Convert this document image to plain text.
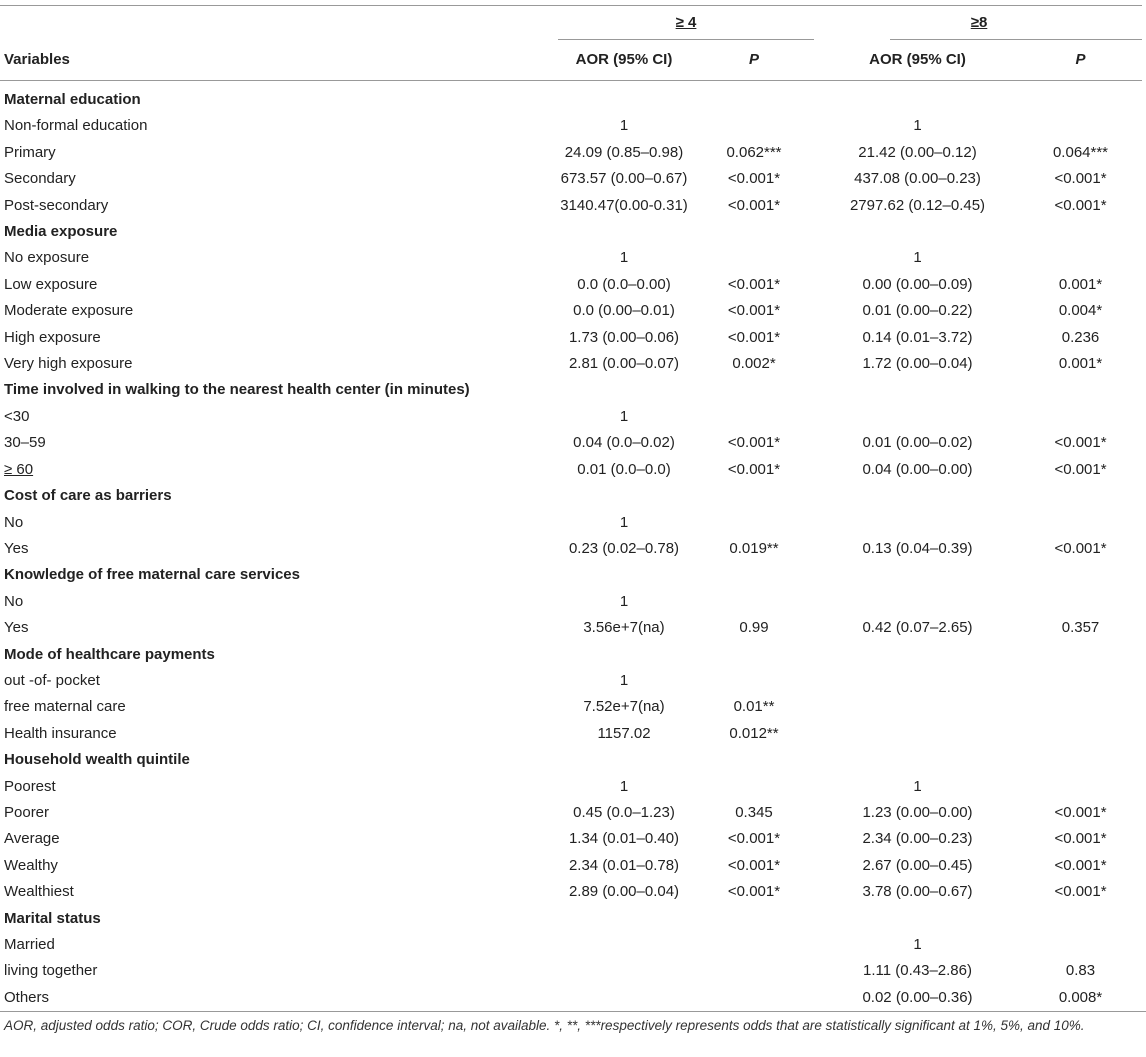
	≥ 4		≥8	

Variables	AOR (95% CI)	P	AOR (95% CI)	P
Maternal education				
Non-formal education	1		1	
Primary	24.09 (0.85–0.98)	0.062***	21.42 (0.00–0.12)	0.064***
Secondary	673.57 (0.00–0.67)	<0.001*	437.08 (0.00–0.23)	<0.001*
Post-secondary	3140.47(0.00-0.31)	<0.001*	2797.62 (0.12–0.45)	<0.001*
Media exposure				
No exposure	1		1	
Low exposure	0.0 (0.0–0.00)	<0.001*	0.00 (0.00–0.09)	0.001*
Moderate exposure	0.0 (0.00–0.01)	<0.001*	0.01 (0.00–0.22)	0.004*
High exposure	1.73 (0.00–0.06)	<0.001*	0.14 (0.01–3.72)	0.236
Very high exposure	2.81 (0.00–0.07)	0.002*	1.72 (0.00–0.04)	0.001*
Time involved in walking to the nearest health center (in minutes)				
<30	1			
30–59	0.04 (0.0–0.02)	<0.001*	0.01 (0.00–0.02)	<0.001*
≥ 60	0.01 (0.0–0.0)	<0.001*	0.04 (0.00–0.00)	<0.001*
Cost of care as barriers				
No	1			
Yes	0.23 (0.02–0.78)	0.019**	0.13 (0.04–0.39)	<0.001*
Knowledge of free maternal care services				
No	1			
Yes	3.56e+7(na)	0.99	0.42 (0.07–2.65)	0.357
Mode of healthcare payments				
out -of- pocket	1			
free maternal care	7.52e+7(na)	0.01**		
Health insurance	1157.02	0.012**		
Household wealth quintile				
Poorest	1		1	
Poorer	0.45 (0.0–1.23)	0.345	1.23 (0.00–0.00)	<0.001*
Average	1.34 (0.01–0.40)	<0.001*	2.34 (0.00–0.23)	<0.001*
Wealthy	2.34 (0.01–0.78)	<0.001*	2.67 (0.00–0.45)	<0.001*
Wealthiest	2.89 (0.00–0.04)	<0.001*	3.78 (0.00–0.67)	<0.001*
Marital status				
Married			1	
living together			1.11 (0.43–2.86)	0.83
Others			0.02 (0.00–0.36)	0.008*
AOR, adjusted odds ratio; COR, Crude odds ratio; CI, confidence interval; na, not available. *, **, ***respectively represents odds that are statistically significant at 1%, 5%, and 10%.
